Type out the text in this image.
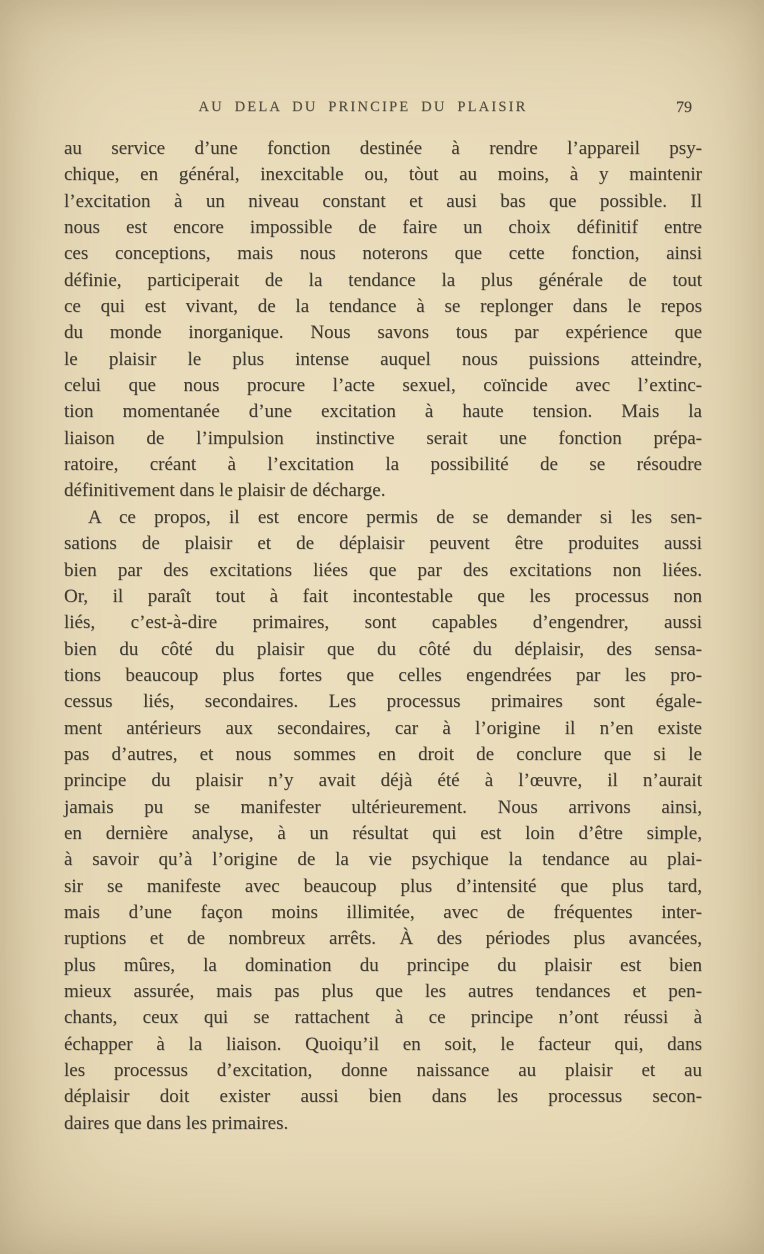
AU DELA DU PRINCIPE DU PLAISIR	79
au service d’une fonction destinée à rendre l’appareil psy-
chique, en général, inexcitable ou, tòut au moins, à y maintenir
l’excitation à un niveau constant et ausi bas que possible. Il
nous est encore impossible de faire un choix définitif entre
ces conceptions, mais nous noterons que cette fonction, ainsi
définie, participerait de la tendance la plus générale de tout
ce qui est vivant, de la tendance à se replonger dans le repos
du monde inorganique. Nous savons tous par expérience que
le plaisir le plus intense auquel nous puissions atteindre,
celui que nous procure l’acte sexuel, coïncide avec l’extinc-
tion momentanée d’une excitation à haute tension. Mais la
liaison de l’impulsion instinctive serait une fonction prépa-
ratoire, créant à l’excitation la possibilité de se résoudre
définitivement dans le plaisir de décharge.
A ce propos, il est encore permis de se demander si les sen-
sations de plaisir et de déplaisir peuvent être produites aussi
bien par des excitations liées que par des excitations non liées.
Or, il paraît tout à fait incontestable que les processus non
liés, c’est-à-dire primaires, sont capables d’engendrer, aussi
bien du côté du plaisir que du côté du déplaisir, des sensa-
tions beaucoup plus fortes que celles engendrées par les pro-
cessus liés, secondaires. Les processus primaires sont égale-
ment antérieurs aux secondaires, car à l’origine il n’en existe
pas d’autres, et nous sommes en droit de conclure que si le
principe du plaisir n’y avait déjà été à l’œuvre, il n’aurait
jamais pu se manifester ultérieurement. Nous arrivons ainsi,
en dernière analyse, à un résultat qui est loin d’être simple,
à savoir qu’à l’origine de la vie psychique la tendance au plai-
sir se manifeste avec beaucoup plus d’intensité que plus tard,
mais d’une façon moins illimitée, avec de fréquentes inter-
ruptions et de nombreux arrêts. À des périodes plus avancées,
plus mûres, la domination du principe du plaisir est bien
mieux assurée, mais pas plus que les autres tendances et pen-
chants, ceux qui se rattachent à ce principe n’ont réussi à
échapper à la liaison. Quoiqu’il en soit, le facteur qui, dans
les processus d’excitation, donne naissance au plaisir et au
déplaisir doit exister aussi bien dans les processus secon-
daires que dans les primaires.
